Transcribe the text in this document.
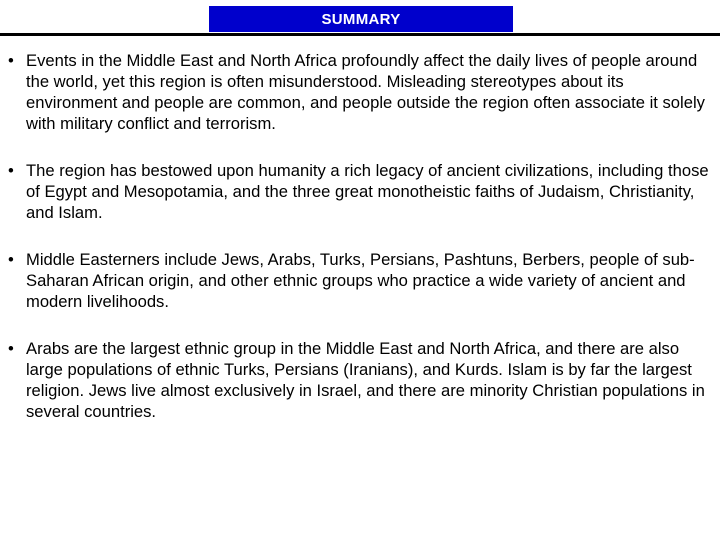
SUMMARY
• Events in the Middle East and North Africa profoundly affect the daily lives of people around the world, yet this region is often misunderstood. Misleading stereotypes about its environment and people are common, and people outside the region often associate it solely with military conflict and terrorism.
• The region has bestowed upon humanity a rich legacy of ancient civilizations, including those of Egypt and Mesopotamia, and the three great monotheistic faiths of Judaism, Christianity, and Islam.
• Middle Easterners include Jews, Arabs, Turks, Persians, Pashtuns, Berbers, people of sub-Saharan African origin, and other ethnic groups who practice a wide variety of ancient and modern livelihoods.
• Arabs are the largest ethnic group in the Middle East and North Africa, and there are also large populations of ethnic Turks, Persians (Iranians), and Kurds. Islam is by far the largest religion. Jews live almost exclusively in Israel, and there are minority Christian populations in several countries.
